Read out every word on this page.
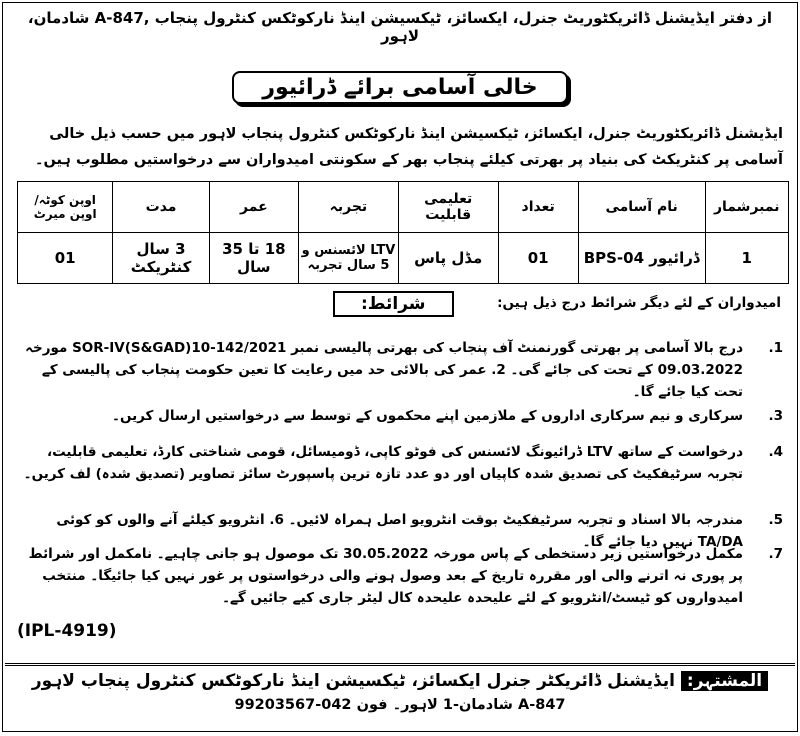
از دفتر ایڈیشنل ڈائریکٹوریٹ جنرل، ایکسائز، ٹیکسیشن اینڈ نارکوٹکس کنٹرول پنجاب ,847-A شادمان، لاہور
خالی آسامی برائے ڈرائیور
ایڈیشنل ڈائریکٹوریٹ جنرل، ایکسائز، ٹیکسیشن اینڈ نارکوٹکس کنٹرول پنجاب لاہور میں حسب ذیل خالی آسامی پر کنٹریکٹ کی بنیاد پر بھرتی کیلئے پنجاب بھر کے سکونتی امیدواران سے درخواستیں مطلوب ہیں۔
نمبرشمار	نام آسامی	تعداد	تعلیمی قابلیت	تجربہ	عمر	مدت	اوپن کوٹہ/ اوپن میرٹ
1	ڈرائیور BPS-04	01	مڈل پاس	LTV لائسنس و 5 سال تجربہ	18 تا 35 سال	3 سال کنٹریکٹ	01
امیدواران کے لئے دیگر شرائط درج ذیل ہیں:
شرائط:
1.
درج بالا آسامی پر بھرتی گورنمنٹ آف پنجاب کی بھرتی پالیسی نمبر SOR-IV(S&GAD)10-142/2021 مورخہ 09.03.2022 کے تحت کی جائے گی۔ 2. عمر کی بالائی حد میں رعایت کا تعین حکومت پنجاب کی پالیسی کے تحت کیا جائے گا۔
3.
سرکاری و نیم سرکاری اداروں کے ملازمین اپنے محکموں کے توسط سے درخواستیں ارسال کریں۔
4.
درخواست کے ساتھ LTV ڈرائیونگ لائسنس کی فوٹو کاپی، ڈومیسائل، قومی شناختی کارڈ، تعلیمی قابلیت، تجربہ سرٹیفکیٹ کی تصدیق شدہ کاپیاں اور دو عدد تازہ ترین پاسپورٹ سائز تصاویر (تصدیق شدہ) لف کریں۔
5.
مندرجہ بالا اسناد و تجربہ سرٹیفکیٹ بوقت انٹرویو اصل ہمراہ لائیں۔ 6. انٹرویو کیلئے آنے والوں کو کوئی TA/DA نہیں دیا جائے گا۔
7.
مکمل درخواستیں زیر دستخطی کے پاس مورخہ 30.05.2022 تک موصول ہو جانی چاہیے۔ نامکمل اور شرائط پر پوری نہ اترنے والی اور مقررہ تاریخ کے بعد وصول ہونے والی درخواستوں پر غور نہیں کیا جائیگا۔ منتخب امیدواروں کو ٹیسٹ/انٹرویو کے لئے علیحدہ علیحدہ کال لیٹر جاری کیے جائیں گے۔
(IPL-4919)
المشتہر: ایڈیشنل ڈائریکٹر جنرل ایکسائز، ٹیکسیشن اینڈ نارکوٹکس کنٹرول پنجاب لاہور
847-A شادمان-1 لاہور۔ فون 042-99203567
